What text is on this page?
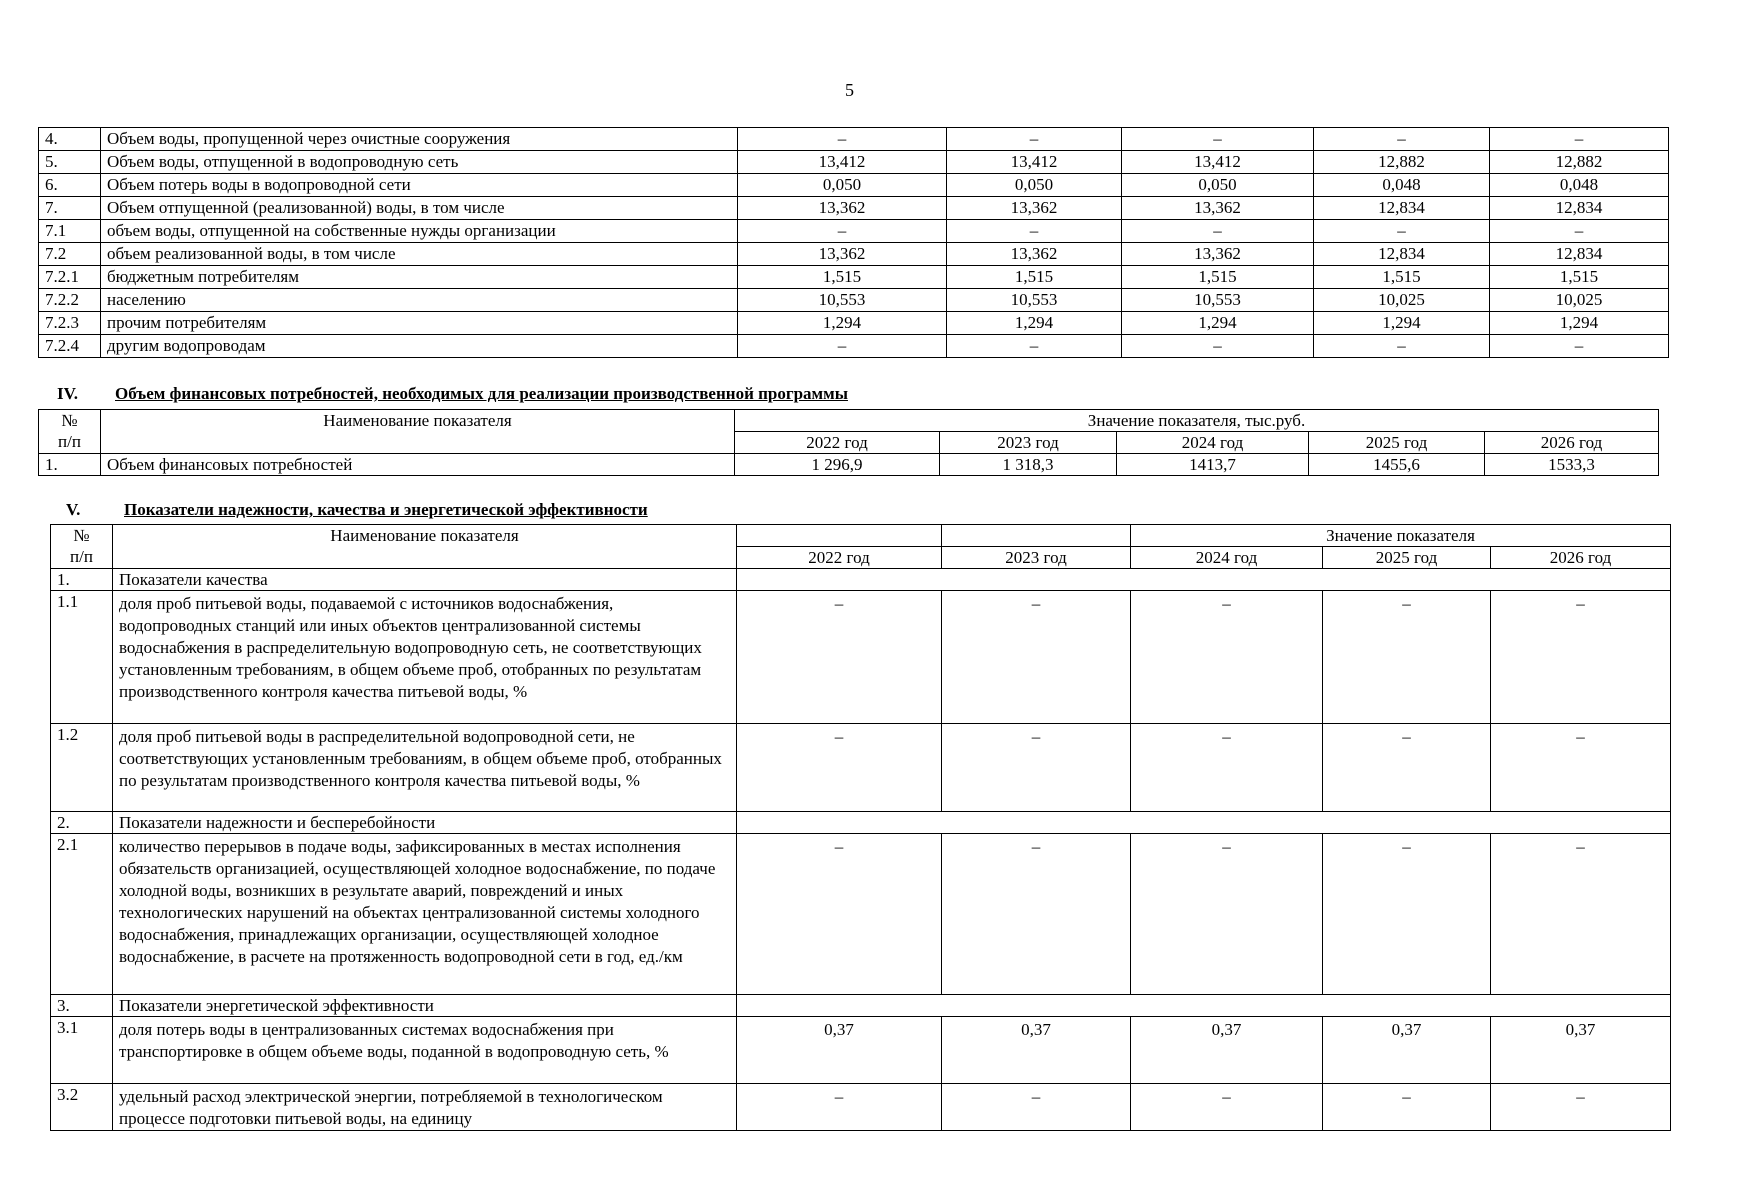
5
4.	Объем воды, пропущенной через очистные сооружения	–	–	–	–	–
5.	Объем воды, отпущенной в водопроводную сеть	13,412	13,412	13,412	12,882	12,882
6.	Объем потерь воды в водопроводной сети	0,050	0,050	0,050	0,048	0,048
7.	Объем отпущенной (реализованной) воды, в том числе	13,362	13,362	13,362	12,834	12,834
7.1	объем воды, отпущенной на собственные нужды организации	–	–	–	–	–
7.2	объем реализованной воды, в том числе	13,362	13,362	13,362	12,834	12,834
7.2.1	бюджетным потребителям	1,515	1,515	1,515	1,515	1,515
7.2.2	населению	10,553	10,553	10,553	10,025	10,025
7.2.3	прочим потребителям	1,294	1,294	1,294	1,294	1,294
7.2.4	другим водопроводам	–	–	–	–	–
IV. Объем финансовых потребностей, необходимых для реализации производственной программы
№
п/п	Наименование показателя	Значение показателя, тыс.руб.				
		2022 год	2023 год	2024 год	2025 год	2026 год
1.	Объем финансовых потребностей	1 296,9	1 318,3	1413,7	1455,6	1533,3
V.	Показатели надежности, качества и энергетической эффективности
№
п/п	Наименование показателя			Значение показателя		
		2022 год	2023 год	2024 год	2025 год	2026 год
1.	Показатели качества					
1.1	доля проб питьевой воды, подаваемой с источников водоснабжения, водопроводных станций или иных объектов централизованной системы водоснабжения в распределительную водопроводную сеть, не соответствующих установленным требованиям, в общем объеме проб, отобранных по результатам производственного контроля качества питьевой воды, %	–	–	–	–	–
1.2	доля проб питьевой воды в распределительной водопроводной сети, не соответствующих установленным требованиям, в общем объеме проб, отобранных по результатам производственного контроля качества питьевой воды, %	–	–	–	–	–
2.	Показатели надежности и бесперебойности					
2.1	количество перерывов в подаче воды, зафиксированных в местах исполнения обязательств организацией, осуществляющей холодное водоснабжение, по подаче холодной воды, возникших в результате аварий, повреждений и иных технологических нарушений на объектах централизованной системы холодного водоснабжения, принадлежащих организации, осуществляющей холодное водоснабжение, в расчете на протяженность водопроводной сети в год, ед./км	–	–	–	–	–
3.	Показатели энергетической эффективности					
3.1	доля потерь воды в централизованных системах водоснабжения при транспортировке в общем объеме воды, поданной в водопроводную сеть, %	0,37	0,37	0,37	0,37	0,37
3.2	удельный расход электрической энергии, потребляемой в технологическом процессе подготовки питьевой воды, на единицу	–	–	–	–	–
